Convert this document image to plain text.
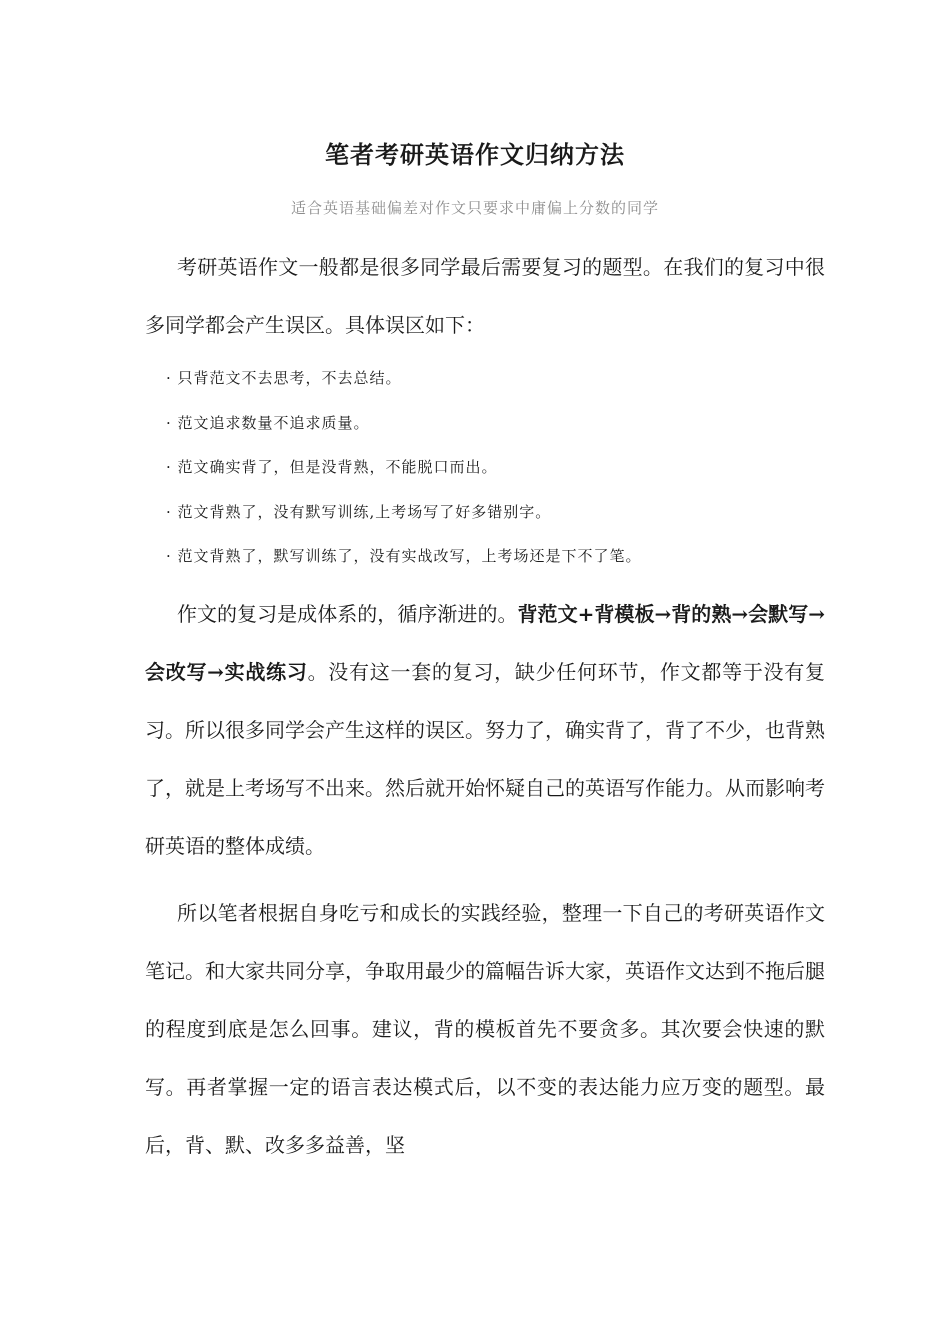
笔者考研英语作文归纳方法
适合英语基础偏差对作文只要求中庸偏上分数的同学

考研英语作文一般都是很多同学最后需要复习的题型。在我们的复习中很多同学都会产生误区。具体误区如下：

· 只背范文不去思考，不去总结。
· 范文追求数量不追求质量。
· 范文确实背了，但是没背熟，不能脱口而出。
· 范文背熟了，没有默写训练,上考场写了好多错别字。
· 范文背熟了，默写训练了，没有实战改写，上考场还是下不了笔。

作文的复习是成体系的，循序渐进的。背范文+背模板→背的熟→会默写→会改写→实战练习。没有这一套的复习，缺少任何环节，作文都等于没有复习。所以很多同学会产生这样的误区。努力了，确实背了，背了不少，也背熟了，就是上考场写不出来。然后就开始怀疑自己的英语写作能力。从而影响考研英语的整体成绩。

所以笔者根据自身吃亏和成长的实践经验，整理一下自己的考研英语作文笔记。和大家共同分享，争取用最少的篇幅告诉大家，英语作文达到不拖后腿的程度到底是怎么回事。建议，背的模板首先不要贪多。其次要会快速的默写。再者掌握一定的语言表达模式后，以不变的表达能力应万变的题型。最后，背、默、改多多益善，坚
